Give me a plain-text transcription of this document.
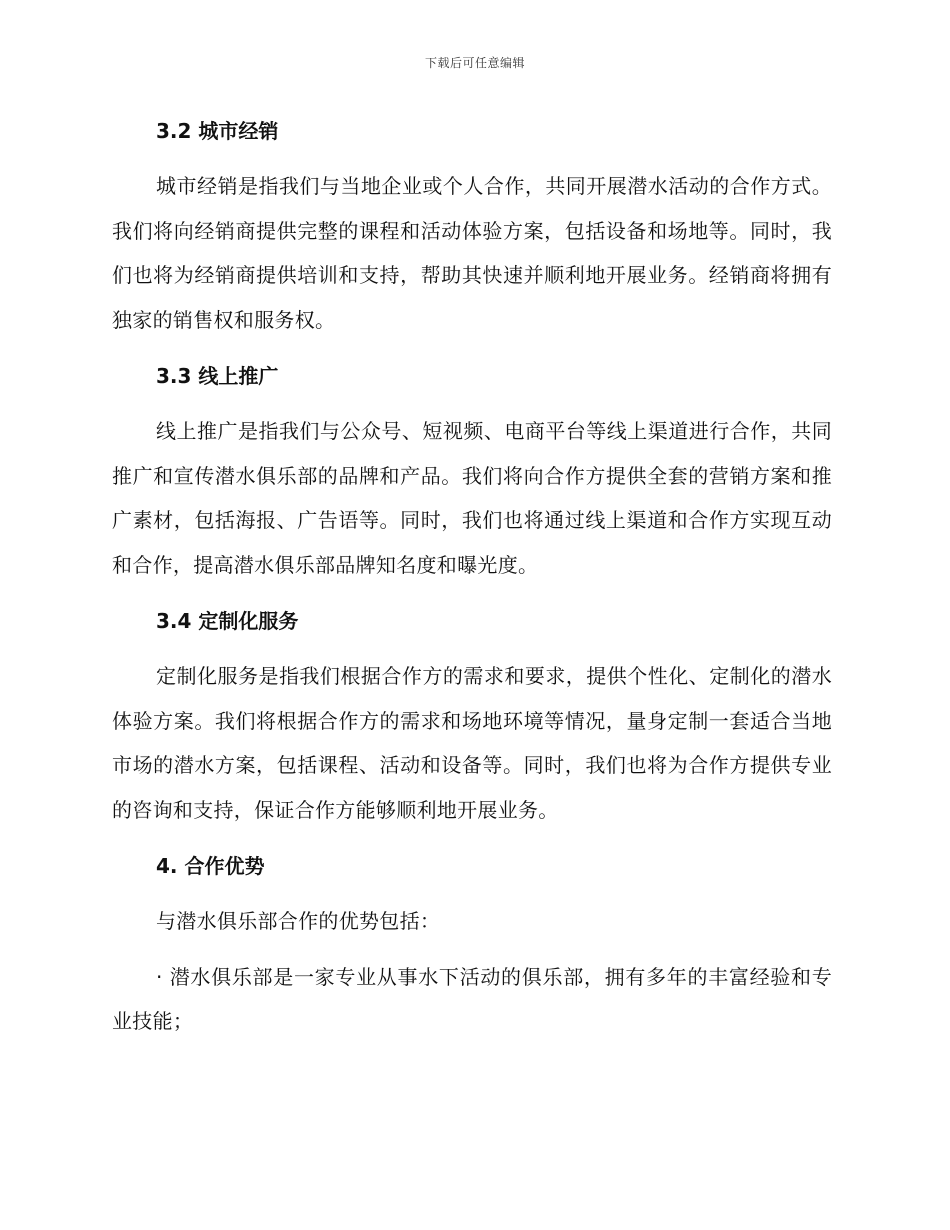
下载后可任意编辑
3.2 城市经销

城市经销是指我们与当地企业或个人合作，共同开展潜水活动的合作方式。我们将向经销商提供完整的课程和活动体验方案，包括设备和场地等。同时，我们也将为经销商提供培训和支持，帮助其快速并顺利地开展业务。经销商将拥有独家的销售权和服务权。

3.3 线上推广

线上推广是指我们与公众号、短视频、电商平台等线上渠道进行合作，共同推广和宣传潜水俱乐部的品牌和产品。我们将向合作方提供全套的营销方案和推广素材，包括海报、广告语等。同时，我们也将通过线上渠道和合作方实现互动和合作，提高潜水俱乐部品牌知名度和曝光度。

3.4 定制化服务

定制化服务是指我们根据合作方的需求和要求，提供个性化、定制化的潜水体验方案。我们将根据合作方的需求和场地环境等情况，量身定制一套适合当地市场的潜水方案，包括课程、活动和设备等。同时，我们也将为合作方提供专业的咨询和支持，保证合作方能够顺利地开展业务。

4. 合作优势

与潜水俱乐部合作的优势包括：

· 潜水俱乐部是一家专业从事水下活动的俱乐部，拥有多年的丰富经验和专业技能；
